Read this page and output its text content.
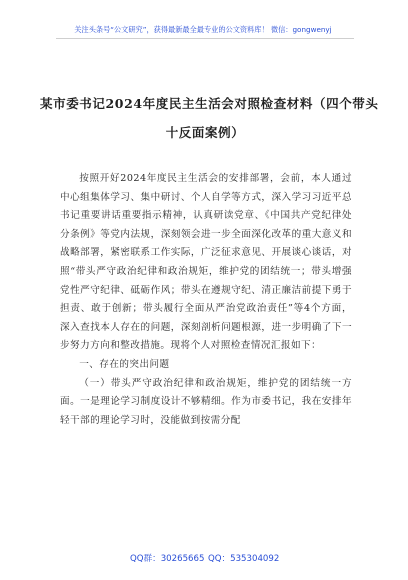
关注头条号“公文研究”，获得最新最全最专业的公文资料库！ 微信：gongwenyj
某市委书记2024年度民主生活会对照检查材料（四个带头
十反面案例）

按照开好2024年度民主生活会的安排部署，会前，本人通过中心组集体学习、集中研讨、个人自学等方式，深入学习习近平总书记重要讲话重要指示精神，认真研读党章、《中国共产党纪律处分条例》等党内法规，深刻领会进一步全面深化改革的重大意义和战略部署，紧密联系工作实际，广泛征求意见、开展谈心谈话，对照“带头严守政治纪律和政治规矩，维护党的团结统一；带头增强党性严守纪律、砥砺作风；带头在遵规守纪、清正廉洁前提下勇于担责、敢于创新；带头履行全面从严治党政治责任”等4个方面，深入查找本人存在的问题，深刻剖析问题根源，进一步明确了下一步努力方向和整改措施。现将个人对照检查情况汇报如下：

一、存在的突出问题

（一）带头严守政治纪律和政治规矩，维护党的团结统一方面。一是理论学习制度设计不够精细。作为市委书记，我在安排年轻干部的理论学习时，没能做到按需分配

QQ群：30265665 QQ：535304092
